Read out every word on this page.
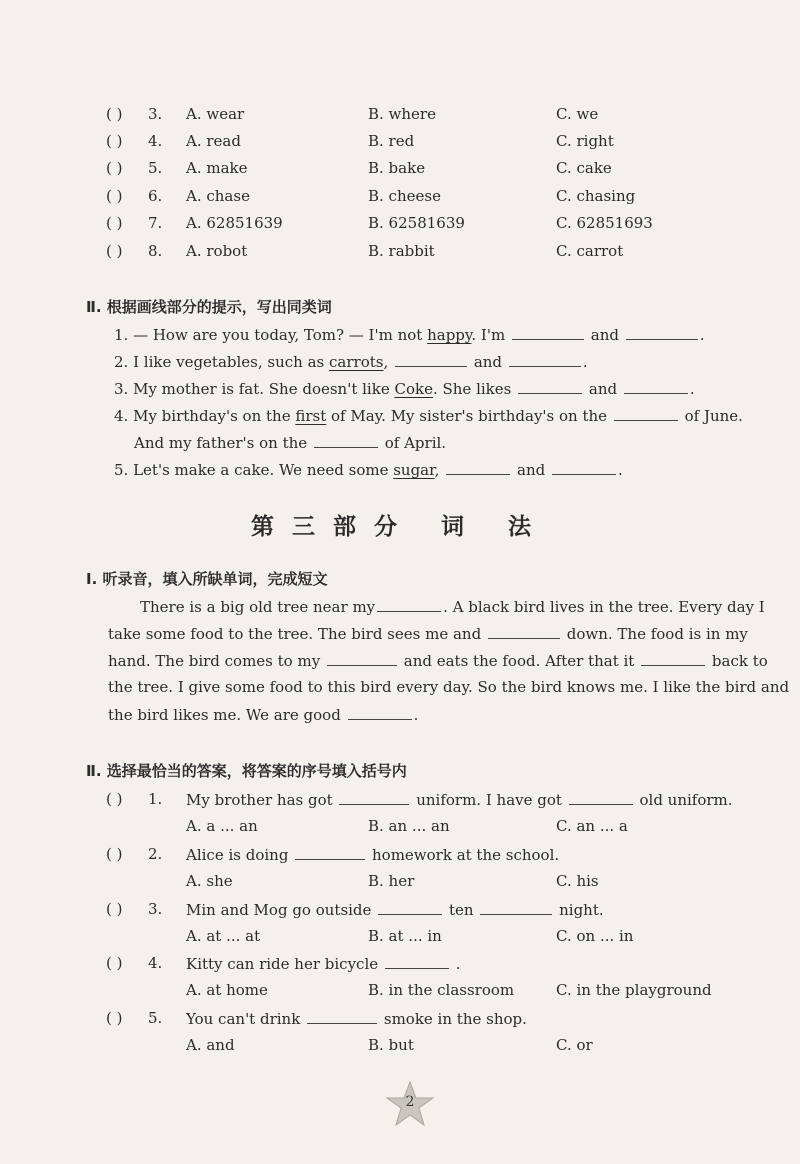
( ) 3. A. wear	B. where	C. we
( ) 4. A. read	B. red	C. right
( ) 5. A. make	B. bake	C. cake
( ) 6. A. chase	B. cheese	C. chasing
( ) 7. A. 62851639	B. 62581639	C. 62851693
( ) 8. A. robot	B. rabbit	C. carrot
Ⅱ. 根据画线部分的提示，写出同类词
1. — How are you today, Tom? — I'm not happy. I'm	and	.
2. I like vegetables, such as carrots,	and	.
3. My mother is fat. She doesn't like Coke. She likes	and	.
4. My birthday's on the first of May. My sister's birthday's on the	of June.
And my father's on the	of April.
5. Let's make a cake. We need some sugar,	and	.
第三部分 词 法
Ⅰ. 听录音，填入所缺单词，完成短文
There is a big old tree near my	. A black bird lives in the tree. Every day I
take some food to the tree. The bird sees me and	down. The food is in my
hand. The bird comes to my	and eats the food. After that it	back to
the tree. I give some food to this bird every day. So the bird knows me. I like the bird and
the bird likes me. We are good	.
Ⅱ. 选择最恰当的答案，将答案的序号填入括号内
( ) 1. My brother has got	uniform. I have got	old uniform.
A. a ... an	B. an ... an	C. an ... a
( ) 2. Alice is doing	homework at the school.
A. she	B. her	C. his
( ) 3. Min and Mog go outside	ten	night.
A. at ... at	B. at ... in	C. on ... in
( ) 4. Kitty can ride her bicycle	.
A. at home	B. in the classroom	C. in the playground
( ) 5. You can't drink	smoke in the shop.
A. and	B. but	C. or
2
